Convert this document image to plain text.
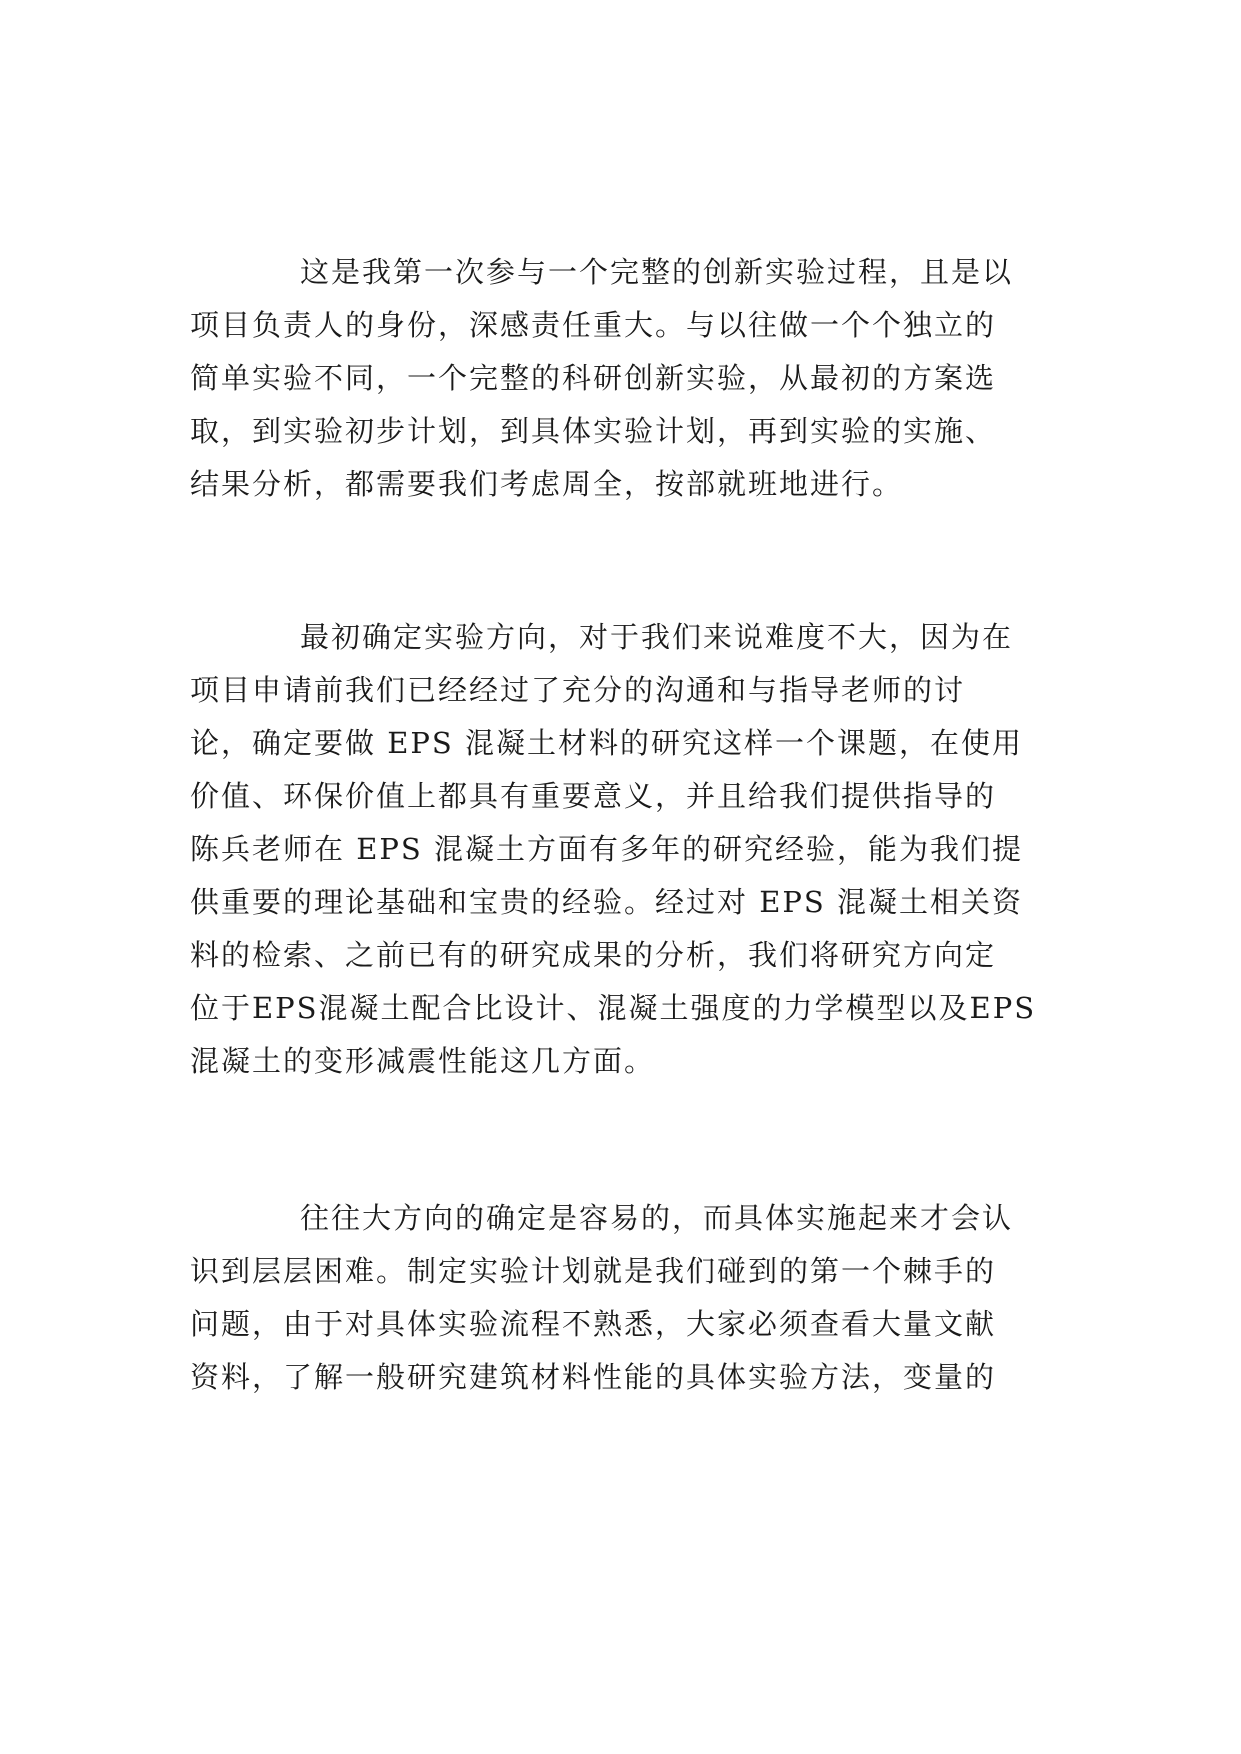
这是我第一次参与一个完整的创新实验过程，且是以

项目负责人的身份，深感责任重大。与以往做一个个独立的

简单实验不同，一个完整的科研创新实验，从最初的方案选

取，到实验初步计划，到具体实验计划，再到实验的实施、

结果分析，都需要我们考虑周全，按部就班地进行。

最初确定实验方向，对于我们来说难度不大，因为在

项目申请前我们已经经过了充分的沟通和与指导老师的讨

论，确定要做 EPS 混凝土材料的研究这样一个课题，在使用

价值、环保价值上都具有重要意义，并且给我们提供指导的

陈兵老师在 EPS 混凝土方面有多年的研究经验，能为我们提

供重要的理论基础和宝贵的经验。经过对 EPS 混凝土相关资

料的检索、之前已有的研究成果的分析，我们将研究方向定

位于EPS混凝土配合比设计、混凝土强度的力学模型以及EPS

混凝土的变形减震性能这几方面。

往往大方向的确定是容易的，而具体实施起来才会认

识到层层困难。制定实验计划就是我们碰到的第一个棘手的

问题，由于对具体实验流程不熟悉，大家必须查看大量文献

资料，了解一般研究建筑材料性能的具体实验方法，变量的
